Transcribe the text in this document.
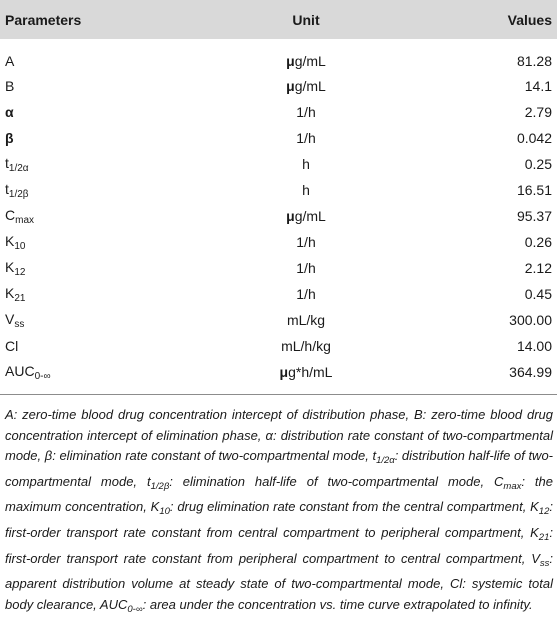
Parameters	Unit	Values
A	μg/mL	81.28
B	μg/mL	14.1
α	1/h	2.79
β	1/h	0.042
$t_{1/2\alpha}$	h	0.25
$t_{1/2\beta}$	h	16.51
$C_{max}$	μg/mL	95.37
$K_{10}$	1/h	0.26
$K_{12}$	1/h	2.12
$K_{21}$	1/h	0.45
$V_{ss}$	mL/kg	300.00
Cl	mL/h/kg	14.00
$AUC_{0-\infty}$	μg*h/mL	364.99

A: zero-time blood drug concentration intercept of distribution phase, B: zero-time blood drug concentration intercept of elimination phase, α: distribution rate constant of two-compartmental mode, β: elimination rate constant of two-compartmental mode, $t_{1/2\alpha}$: distribution half-life of two-compartmental mode, $t_{1/2\beta}$: elimination half-life of two-compartmental mode, $C_{max}$: the maximum concentration, $K_{10}$: drug elimination rate constant from the central compartment, $K_{12}$: first-order transport rate constant from central compartment to peripheral compartment, $K_{21}$: first-order transport rate constant from peripheral compartment to central compartment, $V_{ss}$: apparent distribution volume at steady state of two-compartmental mode, Cl: systemic total body clearance, $AUC_{0-\infty}$: area under the concentration vs. time curve extrapolated to infinity.
